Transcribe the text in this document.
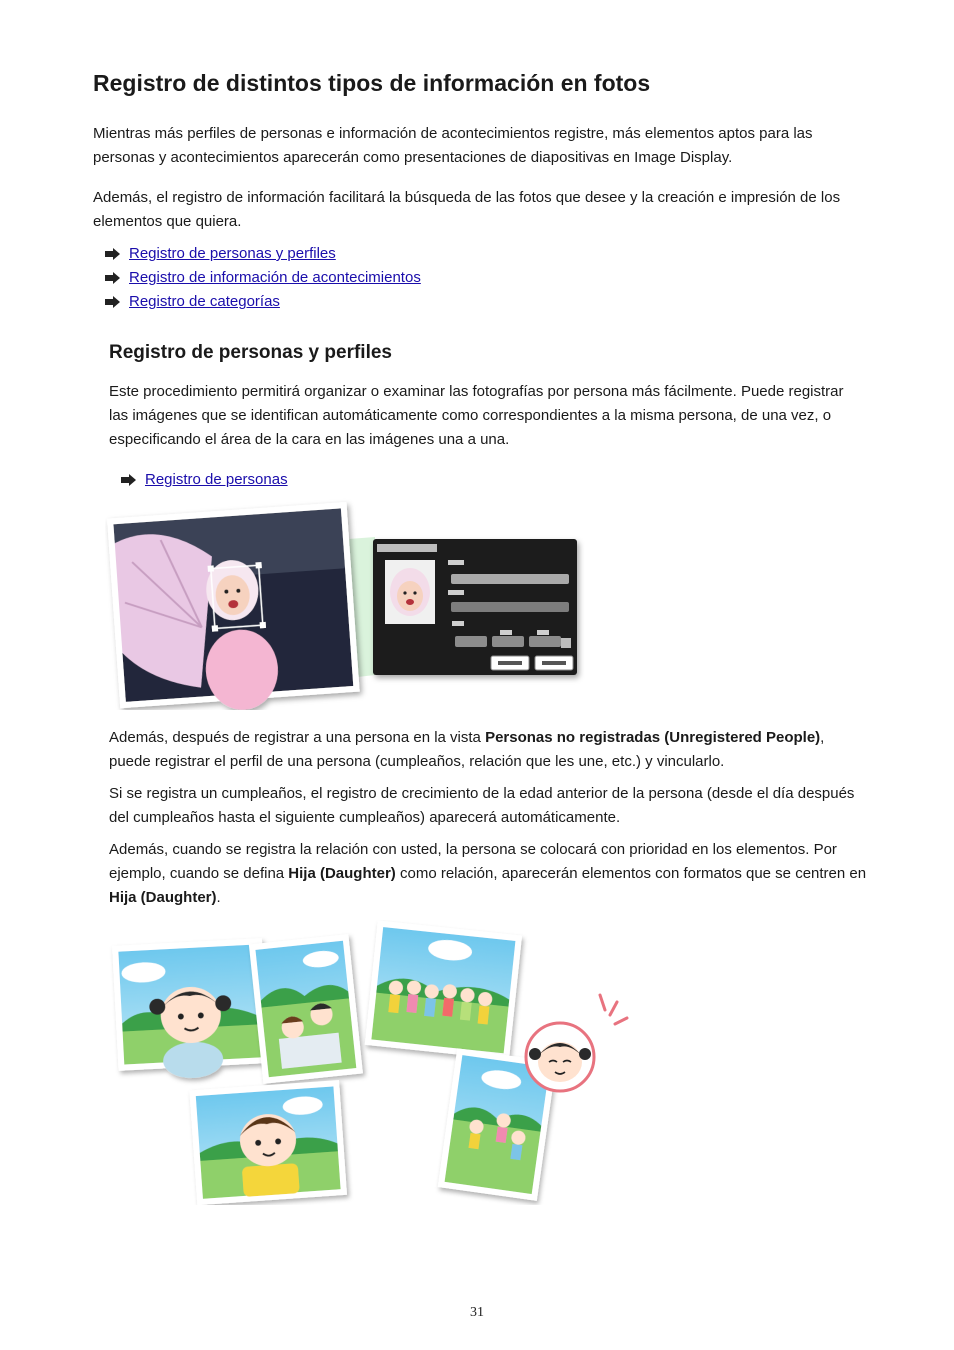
Registro de distintos tipos de información en fotos

Mientras más perfiles de personas e información de acontecimientos registre, más elementos aptos para las personas y acontecimientos aparecerán como presentaciones de diapositivas en Image Display.

Además, el registro de información facilitará la búsqueda de las fotos que desee y la creación e impresión de los elementos que quiera.

Registro de personas y perfiles
Registro de información de acontecimientos
Registro de categorías
Registro de personas y perfiles

Este procedimiento permitirá organizar o examinar las fotografías por persona más fácilmente. Puede registrar las imágenes que se identifican automáticamente como correspondientes a la misma persona, de una vez, o especificando el área de la cara en las imágenes una a una.

Registro de personas

Además, después de registrar a una persona en la vista Personas no registradas (Unregistered People), puede registrar el perfil de una persona (cumpleaños, relación que les une, etc.) y vincularlo.

Si se registra un cumpleaños, el registro de crecimiento de la edad anterior de la persona (desde el día después del cumpleaños hasta el siguiente cumpleaños) aparecerá automáticamente.

Además, cuando se registra la relación con usted, la persona se colocará con prioridad en los elementos. Por ejemplo, cuando se defina Hija (Daughter) como relación, aparecerán elementos con formatos que se centren en Hija (Daughter).

31
